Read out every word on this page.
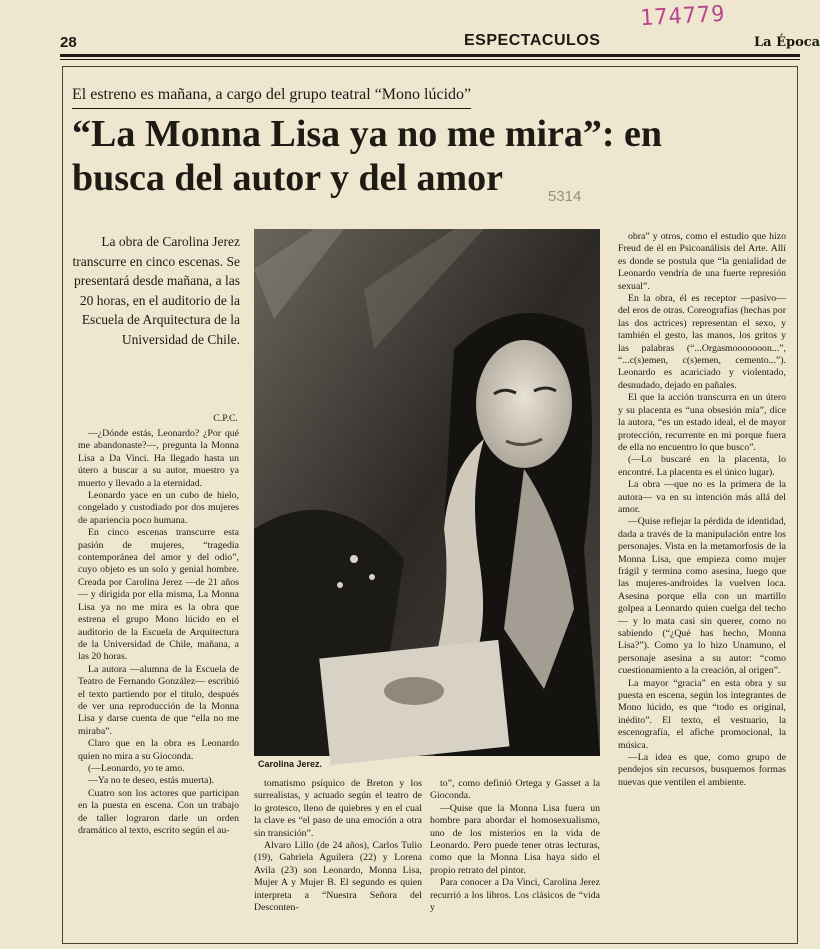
28	ESPECTACULOS	La Época
174779
El estreno es mañana, a cargo del grupo teatral “Mono lúcido”
“La Monna Lisa ya no me mira”: en busca del autor y del amor	5314
La obra de Carolina Jerez transcurre en cinco escenas. Se presentará desde mañana, a las 20 horas, en el auditorio de la Escuela de Arquitectura de la Universidad de Chile.
C.P.C.

—¿Dónde estás, Leonardo? ¿Por qué me abandonaste?—, pregunta la Monna Lisa a Da Vinci. Ha llegado hasta un útero a buscar a su autor, muestro ya muerto y llevado a la eternidad.

Leonardo yace en un cubo de hielo, congelado y custodiado por dos mujeres de apariencia poco humana.

En cinco escenas transcurre esta pasión de mujeres, “tragedia contemporánea del amor y del odio”, cuyo objeto es un solo y genial hombre. Creada por Carolina Jerez —de 21 años— y dirigida por ella misma, La Monna Lisa ya no me mira es la obra que estrena el grupo Mono lúcido en el auditorio de la Escuela de Arquitectura de la Universidad de Chile, mañana, a las 20 horas.

La autora —alumna de la Escuela de Teatro de Fernando González— escribió el texto partiendo por el título, después de ver una reproducción de la Monna Lisa y darse cuenta de que “ella no me miraba”.

Claro que en la obra es Leonardo quien no mira a su Gioconda.

(—Leonardo, yo te amo.

—Ya no te deseo, estás muerta).

Cuatro son los actores que participan en la puesta en escena. Con un trabajo de taller lograron darle un orden dramático al texto, escrito según el au-

tomatismo psíquico de Breton y los surrealistas, y actuado según el teatro de lo grotesco, lleno de quiebres y en el cual la clave es “el paso de una emoción a otra sin transición”.

Alvaro Lillo (de 24 años), Carlos Tulio (19), Gabriela Aguilera (22) y Lorena Avila (23) son Leonardo, Monna Lisa, Mujer A y Mujer B. El segundo es quien interpreta a “Nuestra Señora del Desconten-

to”, como definió Ortega y Gasset a la Gioconda.

—Quise que la Monna Lisa fuera un hombre para abordar el homosexualismo, uno de los misterios en la vida de Leonardo. Pero puede tener otras lecturas, como que la Monna Lisa haya sido el propio retrato del pintor.

Para conocer a Da Vinci, Carolina Jerez recurrió a los libros. Los clásicos de “vida y

obra” y otros, como el estudio que hizo Freud de él en Psicoanálisis del Arte. Allí es donde se postula que “la genialidad de Leonardo vendría de una fuerte represión sexual”.

En la obra, él es receptor —pasivo— del eros de otras. Coreografías (hechas por las dos actrices) representan el sexo, y también el gesto, las manos, los gritos y las palabras (“...Orgasmooooooon...”, “...c(s)emen, c(s)emen, cemento...”). Leonardo es acariciado y violentado, desnudado, dejado en pañales.

El que la acción transcurra en un útero y su placenta es “una obsesión mía”, dice la autora, “es un estado ideal, el de mayor protección, recurrente en mi porque fuera de ella no encuentro lo que busco”.

(—Lo buscaré en la placenta, lo encontré. La placenta es el único lugar).

La obra —que no es la primera de la autora— va en su intención más allá del amor.

—Quise reflejar la pérdida de identidad, dada a través de la manipulación entre los personajes. Vista en la metamorfosis de la Monna Lisa, que empieza como mujer frágil y termina como asesina, luego que las mujeres-androides la vuelven loca. Asesina porque ella con un martillo golpea a Leonardo quien cuelga del techo— y lo mata casi sin querer, como no sabiendo (“¿Qué has hecho, Monna Lisa?”). Como ya lo hizo Unamuno, el personaje asesina a su autor: “como cuestionamiento a la creación, al origen”.

La mayor “gracia” en esta obra y su puesta en escena, según los integrantes de Mono lúcido, es que “todo es original, inédito”. El texto, el vestuario, la escenografía, el afiche promocional, la música.

—La idea es que, como grupo de pendejos sin recursos, busquemos formas nuevas que ventilen el ambiente.

Carolina Jerez.
